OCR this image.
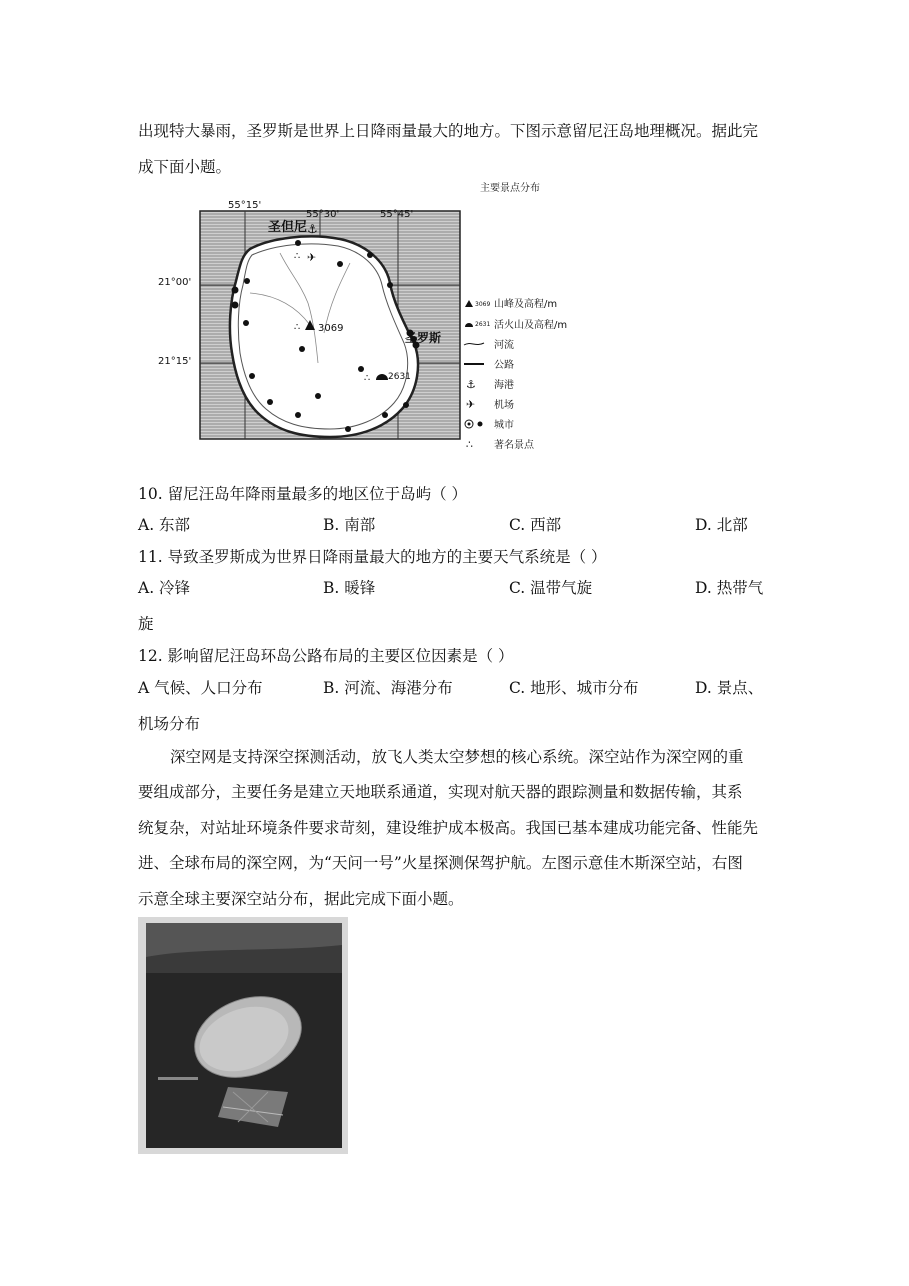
出现特大暴雨，圣罗斯是世界上日降雨量最大的地方。下图示意留尼汪岛地理概况。据此完
成下面小题。
主要景点分布
圣但尼 ⚓
✈
∴
∴ 3069
∴ 2631
圣罗斯
55°15'
55°30'	55°45'
21°00'
21°15'
3069 山峰及高程/m
2631 活火山及高程/m
河流
公路
⚓ 海港
✈ 机场
城市
∴ 著名景点
10. 留尼汪岛年降雨量最多的地区位于岛屿（ ）
A. 东部	B. 南部	C. 西部	D. 北部
11. 导致圣罗斯成为世界日降雨量最大的地方的主要天气系统是（ ）
A. 冷锋	B. 暖锋	C. 温带气旋	D. 热带气
旋
12. 影响留尼汪岛环岛公路布局的主要区位因素是（ ）
A 气候、人口分布	B. 河流、海港分布	C. 地形、城市分布	D. 景点、
机场分布
深空网是支持深空探测活动，放飞人类太空梦想的核心系统。深空站作为深空网的重
要组成部分，主要任务是建立天地联系通道，实现对航天器的跟踪测量和数据传输，其系
统复杂，对站址环境条件要求苛刻，建设维护成本极高。我国已基本建成功能完备、性能先
进、全球布局的深空网，为“天问一号”火星探测保驾护航。左图示意佳木斯深空站，右图
示意全球主要深空站分布，据此完成下面小题。
